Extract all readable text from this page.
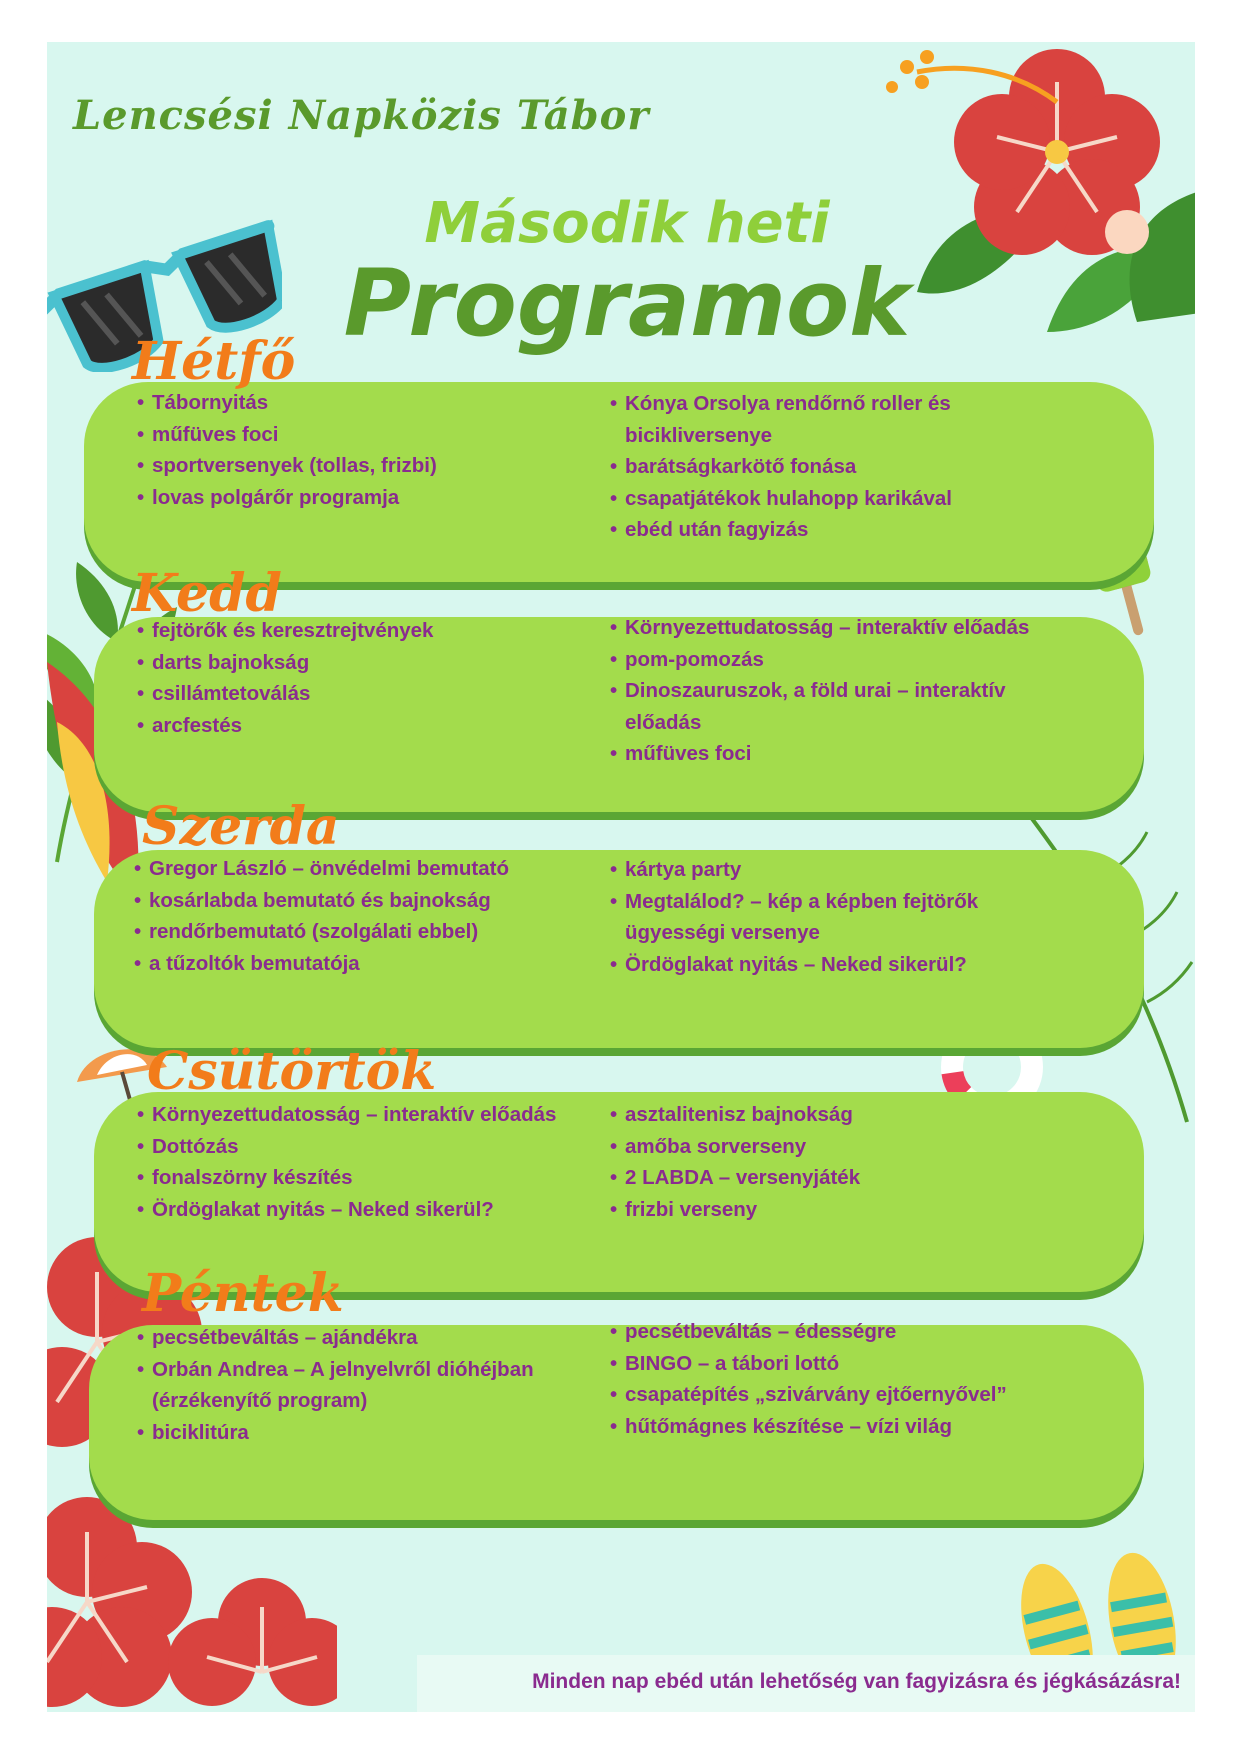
Lencsési Napközis Tábor
Második heti
Programok
Hétfő
• Tábornyitás
• műfüves foci
• sportversenyek (tollas, frizbi)
• lovas polgárőr programja
• Kónya Orsolya rendőrnő roller és biciklive​rsenye
• barátságkarkötő fonása
• csapatjátékok hulahopp karikával
• ebéd után fagyizás
Kedd
• fejtörők és keresztrejtvények
• darts bajnokság
• csillámtetoválás
• arcfestés
• Környezettudatosság – interaktív előadás
• pom-pomozás
• Dinoszauruszok, a föld urai – interaktív előadás
• műfüves foci
Szerda
• Gregor László – önvédelmi bemutató
• kosárlabda bemutató és bajnokság
• rendőrbemutató (szolgálati ebbel)
• a tűzoltók bemutatója
• kártya party
• Megtalálod? – kép a képben fejtörők ügyességi versenye
• Ördöglakat nyitás – Neked sikerül?
Csütörtök
• Környezettudatosság – interaktív előadás
• Dottózás
• fonalszörny készítés
• Ördöglakat nyitás – Neked sikerül?
• asztalitenisz bajnokság
• amőba sorverseny
• 2 LABDA – versenyjáték
• frizbi verseny
Péntek
• pecsétbeváltás – ajándékra
• Orbán Andrea – A jelnyelvről dióhéjban (érzékenyítő program)
• biciklitúra
• pecsétbeváltás – édességre
• BINGO – a tábori lottó
• csapatépítés „szivárvány ejtőernyővel”
• hűtőmágnes készítése – vízi világ

Minden nap ebéd után lehetőség van fagyizásra és jégkásázásra!
